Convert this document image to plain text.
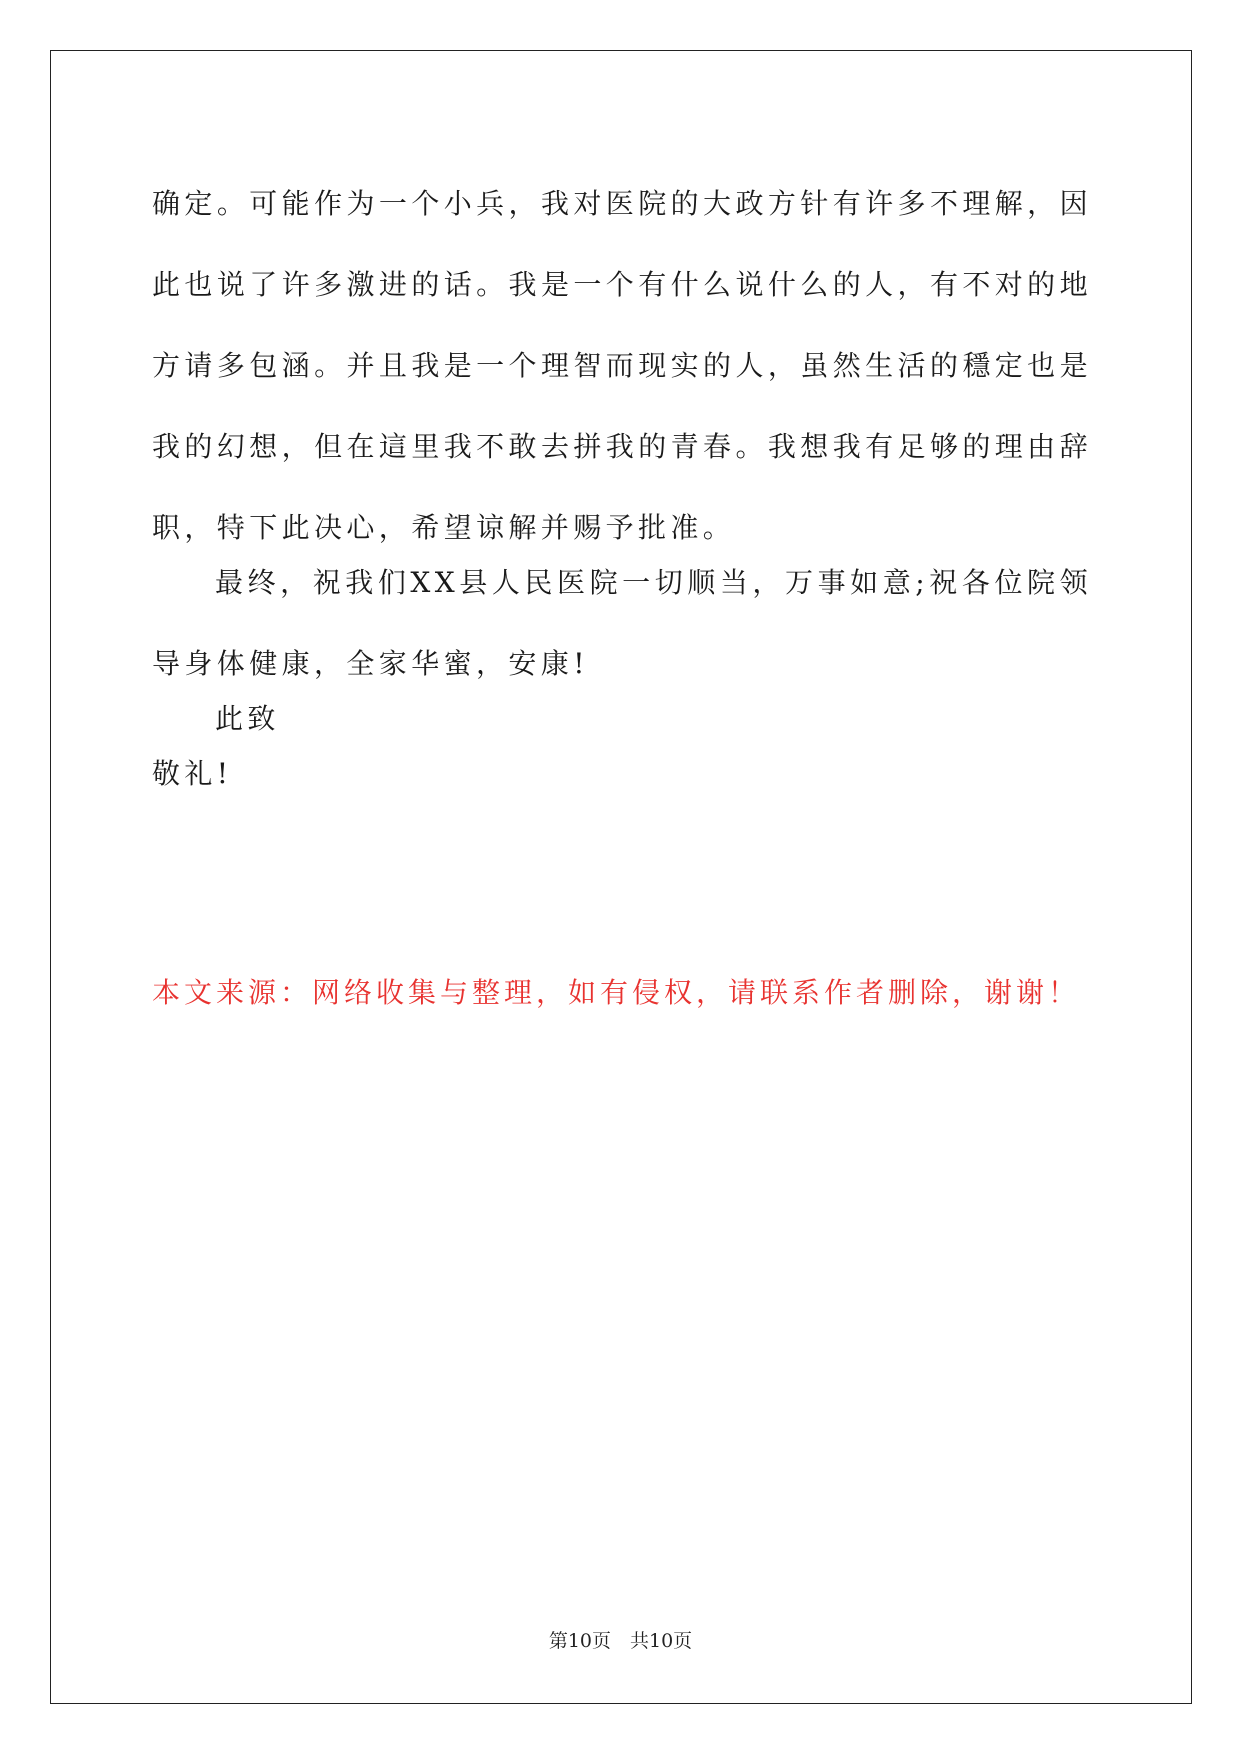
确定。可能作为一个小兵，我对医院的大政方针有许多不理解，因此也说了许多激进的话。我是一个有什么说什么的人，有不对的地方请多包涵。并且我是一个理智而现实的人，虽然生活的穩定也是我的幻想，但在這里我不敢去拼我的青春。我想我有足够的理由辞职，特下此决心，希望谅解并赐予批准。

最终，祝我们XX县人民医院一切顺当，万事如意;祝各位院领导身体健康，全家华蜜，安康!

此致

敬礼!

本文来源：网络收集与整理，如有侵权，请联系作者删除，谢谢！

第10页　共10页
